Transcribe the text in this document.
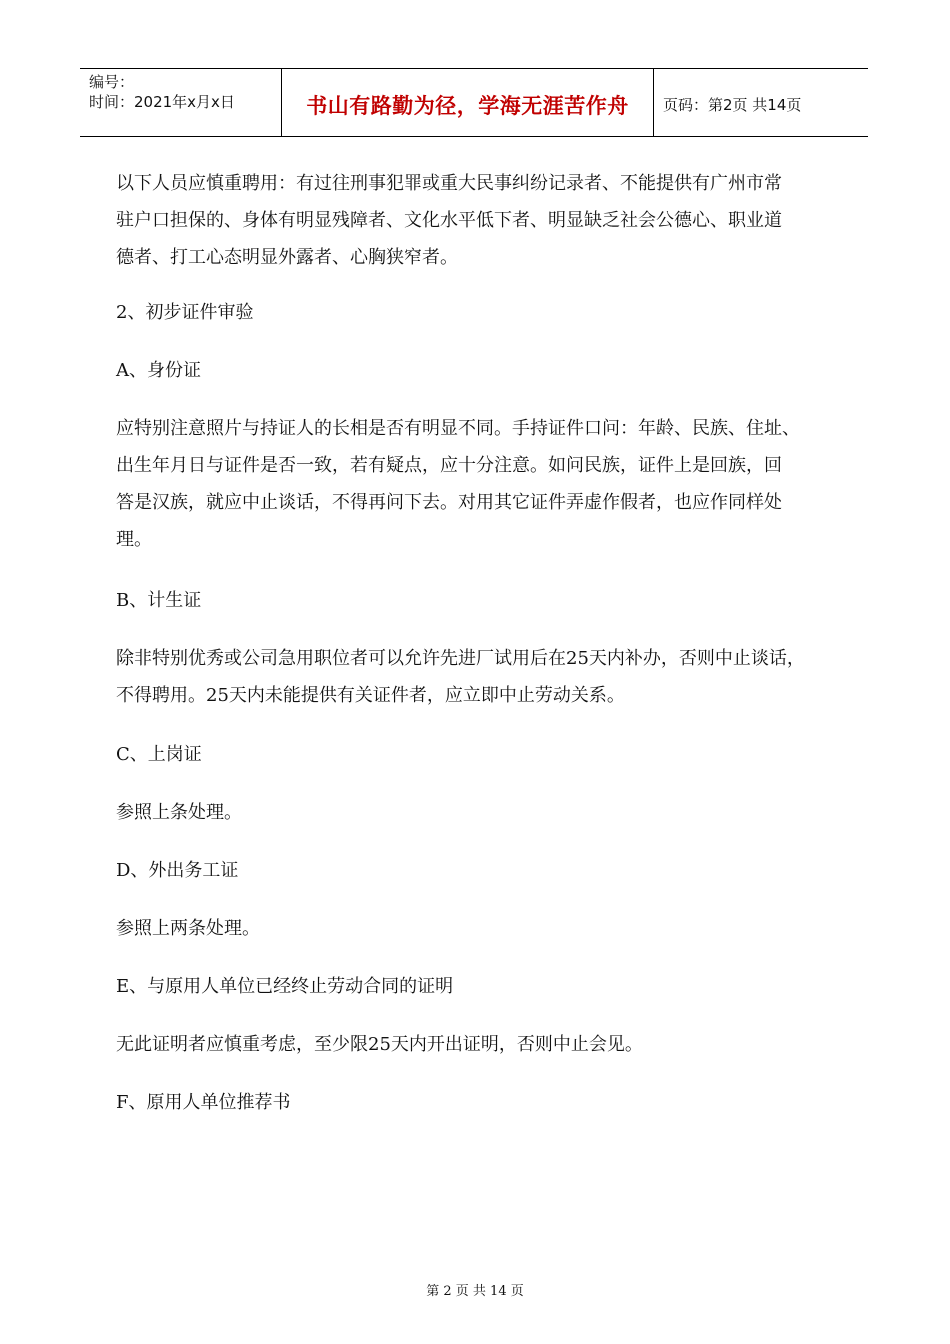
编号：
时间：2021年x月x日	书山有路勤为径，学海无涯苦作舟 页码：第2页 共14页
以下人员应慎重聘用：有过往刑事犯罪或重大民事纠纷记录者、不能提供有广州市常
驻户口担保的、身体有明显残障者、文化水平低下者、明显缺乏社会公德心、职业道
德者、打工心态明显外露者、心胸狭窄者。
2、初步证件审验
A、身份证
应特别注意照片与持证人的长相是否有明显不同。手持证件口问：年龄、民族、住址、
出生年月日与证件是否一致，若有疑点，应十分注意。如问民族，证件上是回族，回
答是汉族，就应中止谈话，不得再问下去。对用其它证件弄虚作假者，也应作同样处
理。
B、计生证
除非特别优秀或公司急用职位者可以允许先进厂试用后在25天内补办，否则中止谈话，
不得聘用。25天内未能提供有关证件者，应立即中止劳动关系。
C、上岗证
参照上条处理。
D、外出务工证
参照上两条处理。
E、与原用人单位已经终止劳动合同的证明
无此证明者应慎重考虑，至少限25天内开出证明，否则中止会见。
F、原用人单位推荐书
第 2 页 共 14 页
